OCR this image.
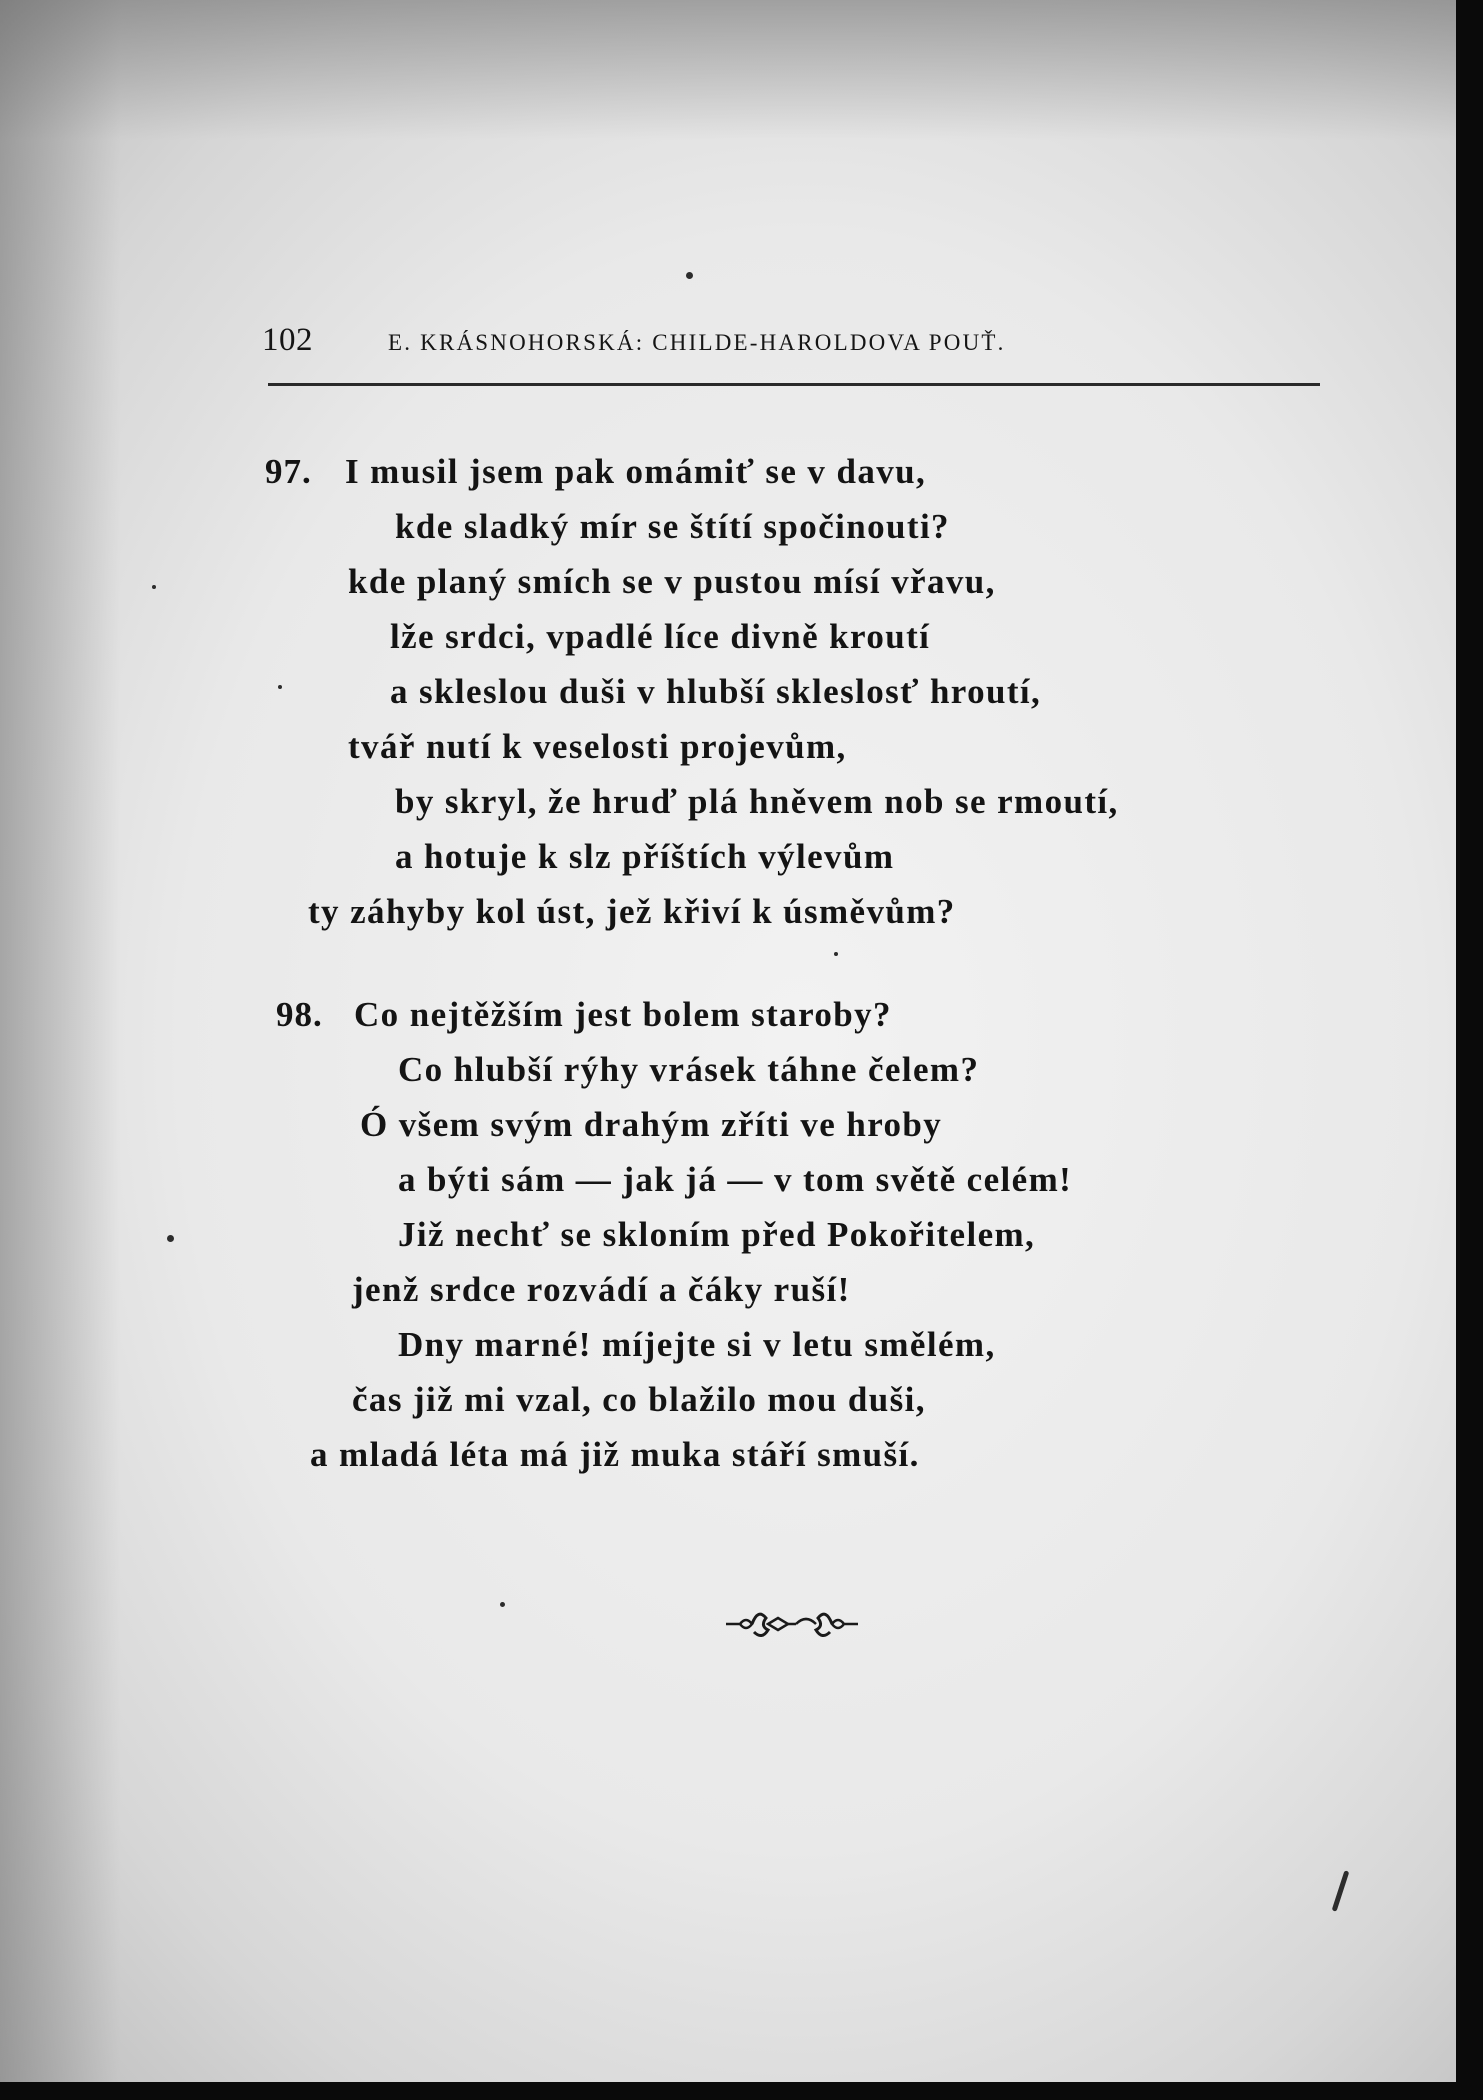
102	E. KRÁSNOHORSKÁ: CHILDE-HAROLDOVA POUŤ.
97. I musil jsem pak omámiť se v davu,
kde sladký mír se štítí spočinouti?
kde planý smích se v pustou mísí vřavu,
lže srdci, vpadlé líce divně kroutí
a skleslou duši v hlubší skleslosť hroutí,
tvář nutí k veselosti projevům,
by skryl, že hruď plá hněvem nob se rmoutí,
a hotuje k slz příštích výlevům
ty záhyby kol úst, jež křiví k úsměvům?
98. Co nejtěžším jest bolem staroby?
Co hlubší rýhy vrásek táhne čelem?
Ó všem svým drahým zříti ve hroby
a býti sám — jak já — v tom světě celém!
Již nechť se skloním před Pokořitelem,
jenž srdce rozvádí a čáky ruší!
Dny marné! míjejte si v letu smělém,
čas již mi vzal, co blažilo mou duši,
a mladá léta má již muka stáří smuší.
